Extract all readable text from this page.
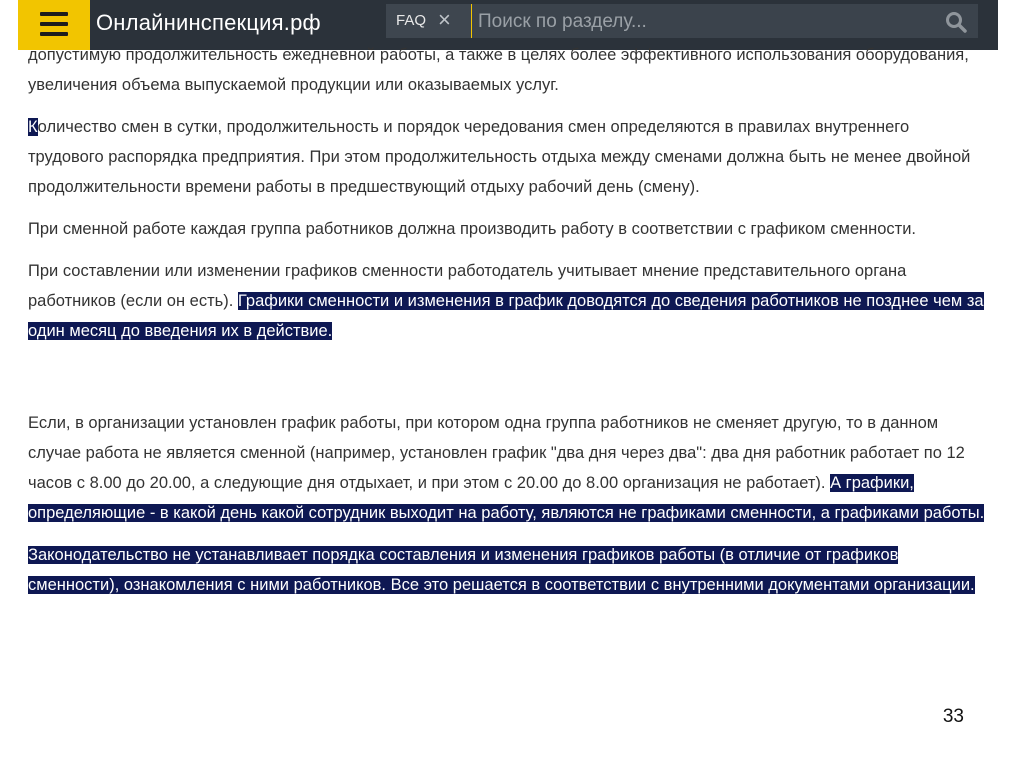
Онлайнинспекция.рф	FAQ ×
Поиск по разделу...

допустимую продолжительность ежедневной работы, а также в целях более эффективного использования оборудования, увеличения объема выпускаемой продукции или оказываемых услуг.

Количество смен в сутки, продолжительность и порядок чередования смен определяются в правилах внутреннего трудового распорядка предприятия. При этом продолжительность отдыха между сменами должна быть не менее двойной продолжительности времени работы в предшествующий отдыху рабочий день (смену).

При сменной работе каждая группа работников должна производить работу в соответствии с графиком сменности.

При составлении или изменении графиков сменности работодатель учитывает мнение представительного органа работников (если он есть). Графики сменности и изменения в график доводятся до сведения работников не позднее чем за один месяц до введения их в действие.

Если, в организации установлен график работы, при котором одна группа работников не сменяет другую, то в данном случае работа не является сменной (например, установлен график "два дня через два": два дня работник работает по 12 часов с 8.00 до 20.00, а следующие дня отдыхает, и при этом с 20.00 до 8.00 организация не работает). А графики, определяющие - в какой день какой сотрудник выходит на работу, являются не графиками сменности, а графиками работы.

Законодательство не устанавливает порядка составления и изменения графиков работы (в отличие от графиков сменности), ознакомления с ними работников. Все это решается в соответствии с внутренними документами организации.

33
